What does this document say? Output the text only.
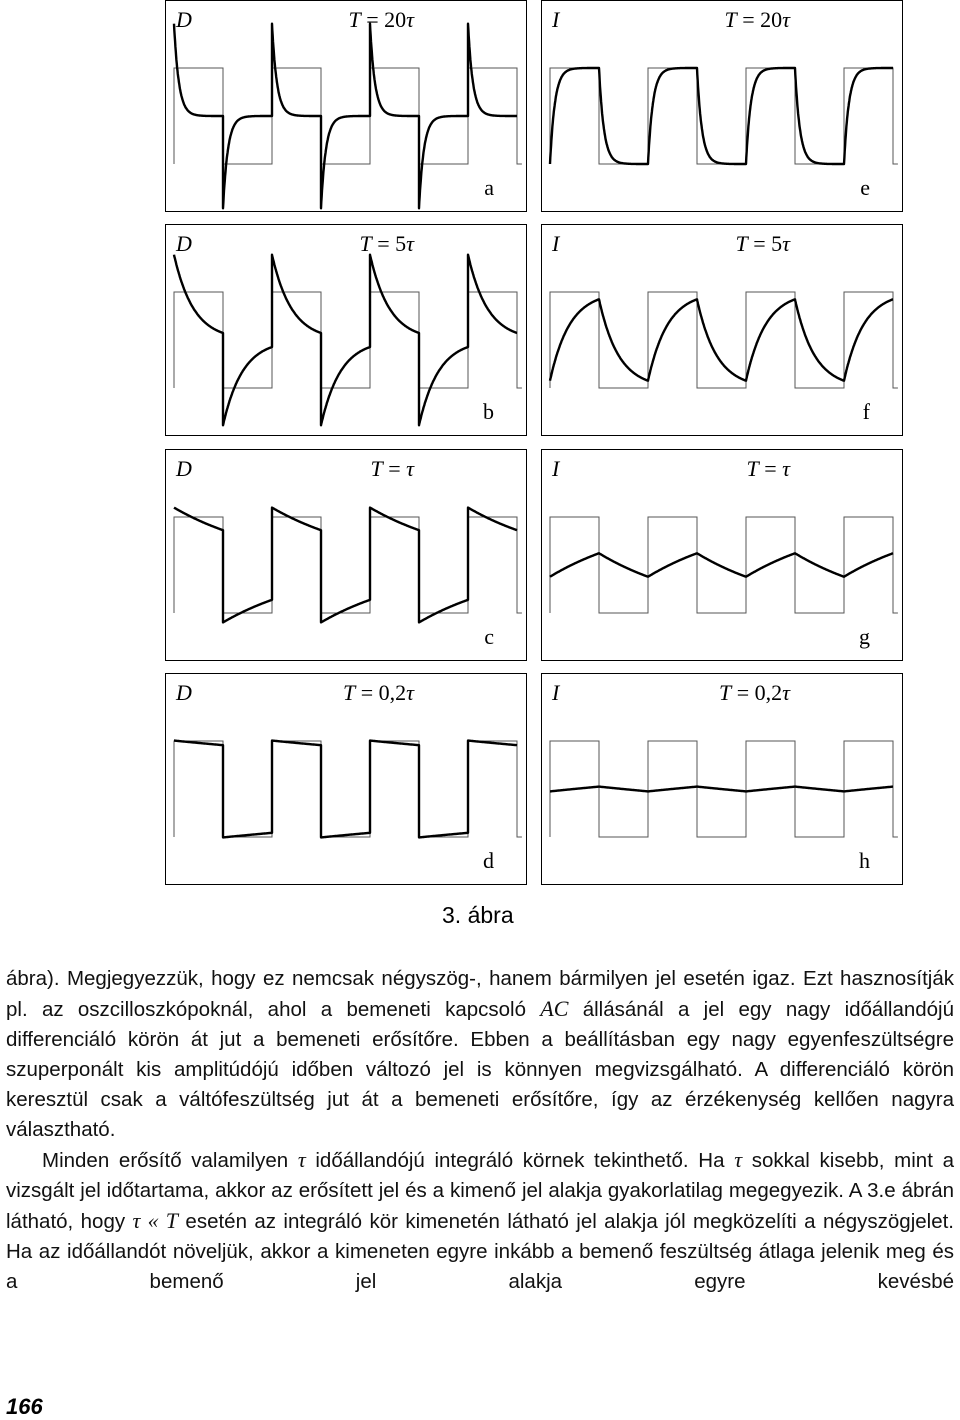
D	T = 20τ
a
I	T = 20τ
e
D	T = 5τ
b
I	T = 5τ
f
D	T = τ
c
I	T = τ
g
D	T = 0,2τ
d
I	T = 0,2τ
h
3. ábra

ábra). Megjegyezzük, hogy ez nemcsak négyszög-, hanem bármilyen jel esetén igaz. Ezt hasznosítják pl. az oszcilloszkópoknál, ahol a bemeneti kapcsoló AC állásánál a jel egy nagy időállandójú differenciáló körön át jut a bemeneti erősítőre. Ebben a beállításban egy nagy egyenfeszültségre szuperponált kis amplitúdójú időben változó jel is könnyen megvizsgálható. A differenciáló körön keresztül csak a váltófeszültség jut át a bemeneti erősítőre, így az érzékenység kellően nagyra választható.

Minden erősítő valamilyen τ időállandójú integráló körnek tekinthető. Ha τ sokkal kisebb, mint a vizsgált jel időtartama, akkor az erősített jel és a kimenő jel alakja gyakorlatilag megegyezik. A 3.e ábrán látható, hogy τ « T esetén az integráló kör kimenetén látható jel alakja jól megközelíti a négyszögjelet. Ha az időállandót növeljük, akkor a kimeneten egyre inkább a bemenő feszültség átlaga jelenik meg és a bemenő jel alakja egyre kevésbé

166
